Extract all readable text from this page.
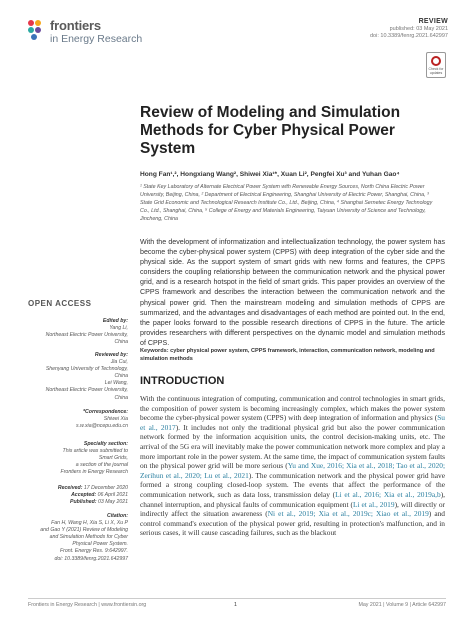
frontiers
in Energy Research
REVIEW
published: 03 May 2021
doi: 10.3389/fenrg.2021.642997
Check for updates
Review of Modeling and Simulation
Methods for Cyber Physical Power
System
Hong Fan¹,², Hongxiang Wang², Shiwei Xia¹*, Xuan Li², Pengfei Xu³ and Yuhan Gao⁴
¹ State Key Laboratory of Alternate Electrical Power System with Renewable Energy Sources, North China Electric Power University, Beijing, China, ² Department of Electrical Engineering, Shanghai University of Electric Power, Shanghai, China, ³ State Grid Economic and Technological Research Institute Co., Ltd., Beijing, China, ⁴ Shanghai Sernetec Energy Technology Co., Ltd., Shanghai, China, ⁵ College of Energy and Materials Engineering, Taiyuan University of Science and Technology, Jincheng, China
With the development of informatization and intellectualization technology, the power system has become the cyber-physical power system (CPPS) with deep integration of the cyber side and the physical side. As the support system of smart grids with new forms and features, the CPPS considers the coupling relationship between the communication network and the physical power grid, and is a research hotspot in the field of smart grids. This paper provides an overview of the CPPS framework and describes the interaction between the communication network and the physical power grid. Then the mainstream modeling and simulation methods of CPPS are summarized, and the advantages and disadvantages of each method are pointed out. In the end, the paper looks forward to the possible research directions of CPPS in the future. The article provides researchers with different perspectives on the dynamic model and simulation methods of CPPS.
Keywords: cyber physical power system, CPPS framework, interaction, communication network, modeling and simulation methods
INTRODUCTION
With the continuous integration of computing, communication and control technologies in smart grids, the composition of power system is becoming increasingly complex, which makes the power system become the cyber-physical power system (CPPS) with deep integration of information and physics (Su et al., 2017). It includes not only the traditional physical grid but also the power communication network formed by the information acquisition units, the control decision-making units, etc. The arrival of the 5G era will inevitably make the power communication network more complex and play a more important role in the power system. At the same time, the impact of communication system faults on the physical power grid will be more serious (Yu and Xue, 2016; Xia et al., 2018; Tao et al., 2020; Zerihun et al., 2020; Lu et al., 2021). The communication network and the physical power grid have formed a strong coupling closed-loop system. The events that affect the performance of the communication network, such as data loss, transmission delay (Li et al., 2016; Xia et al., 2019a,b), channel interruption, and physical faults of communication equipment (Li et al., 2019), will directly or indirectly affect the situation awareness (Ni et al., 2019; Xia et al., 2019c; Xiao et al., 2019) and control command's execution of the physical power grid, resulting in protection's malfunction, and in serious cases, it will cause cascading failures, such as the blackout
OPEN ACCESS
Edited by:
Yang Li,
Northeast Electric Power University,
China
Reviewed by:
Jia Cui,
Shenyang University of Technology,
China
Lei Wang,
Northeast Electric Power University,
China
*Correspondence:
Shiwei Xia
s.w.xia@ncepu.edu.cn
Specialty section:
This article was submitted to
Smart Grids,
a section of the journal
Frontiers in Energy Research
Received: 17 December 2020
Accepted: 06 April 2021
Published: 03 May 2021
Citation:
Fan H, Wang H, Xia S, Li X, Xu P
and Gao Y (2021) Review of Modeling
and Simulation Methods for Cyber
Physical Power System.
Front. Energy Res. 9:642997.
doi: 10.3389/fenrg.2021.642997
Frontiers in Energy Research | www.frontiersin.org	1	May 2021 | Volume 9 | Article 642997
